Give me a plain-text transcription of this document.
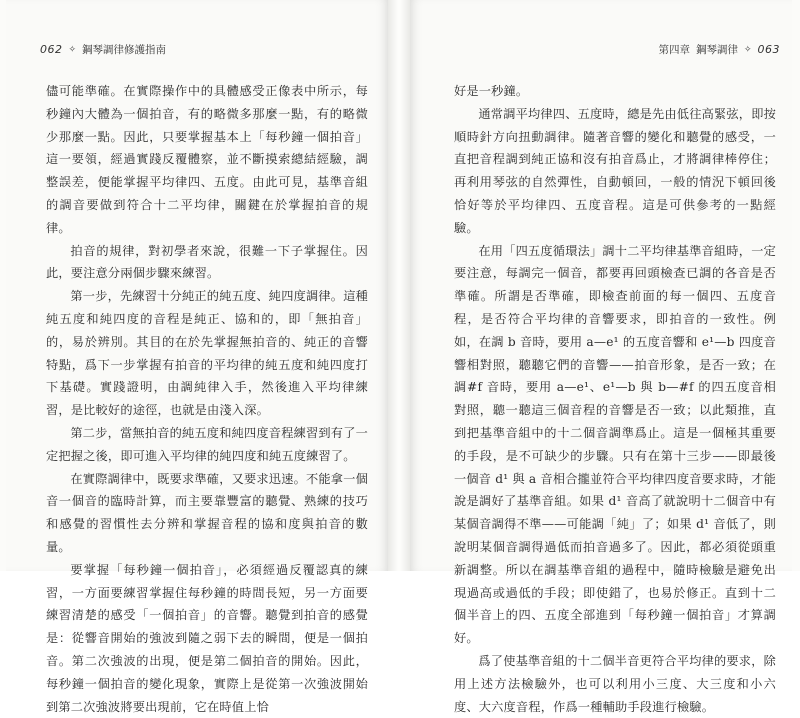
062 ✧ 鋼琴調律修護指南

儘可能準確。在實際操作中的具體感受正像表中所示，每秒鐘內大體為一個拍音，有的略微多那麼一點，有的略微少那麼一點。因此，只要掌握基本上「每秒鐘一個拍音」這一要領，經過實踐反覆體察，並不斷摸索總結經驗，調整誤差，便能掌握平均律四、五度。由此可見，基準音組的調音要做到符合十二平均律，關鍵在於掌握拍音的規律。

拍音的規律，對初學者來說，很難一下子掌握住。因此，要注意分兩個步驟來練習。

第一步，先練習十分純正的純五度、純四度調律。這種純五度和純四度的音程是純正、協和的，即「無拍音」的，易於辨別。其目的在於先掌握無拍音的、純正的音響特點，爲下一步掌握有拍音的平均律的純五度和純四度打下基礎。實踐證明，由調純律入手，然後進入平均律練習，是比較好的途徑，也就是由淺入深。

第二步，當無拍音的純五度和純四度音程練習到有了一定把握之後，即可進入平均律的純四度和純五度練習了。

在實際調律中，既要求準確，又要求迅速。不能拿一個音一個音的臨時計算，而主要靠豐富的聽覺、熟練的技巧和感覺的習慣性去分辨和掌握音程的協和度與拍音的數量。

要掌握「每秒鐘一個拍音」，必須經過反覆認真的練習，一方面要練習掌握住每秒鐘的時間長短，另一方面要練習清楚的感受「一個拍音」的音響。聽覺到拍音的感覺是：從響音開始的強波到隨之弱下去的瞬間，便是一個拍音。第二次強波的出現，便是第二個拍音的開始。因此，每秒鐘一個拍音的變化現象，實際上是從第一次強波開始到第二次強波將要出現前，它在時值上恰

第四章 鋼琴調律 ✧ 063

好是一秒鐘。

通常調平均律四、五度時，總是先由低往高緊弦，即按順時針方向扭動調律。隨著音響的變化和聽覺的感受，一直把音程調到純正協和沒有拍音爲止，才將調律棒停住；再利用琴弦的自然彈性，自動頓回，一般的情況下頓回後恰好等於平均律四、五度音程。這是可供參考的一點經驗。

在用「四五度循環法」調十二平均律基準音組時，一定要注意，每調完一個音，都要再回頭檢查已調的各音是否準確。所謂是否準確，即檢查前面的每一個四、五度音程，是否符合平均律的音響要求，即拍音的一致性。例如，在調 b 音時，要用 a—e¹ 的五度音響和 e¹—b 四度音響相對照，聽聽它們的音響——拍音形象，是否一致；在調#f 音時，要用 a—e¹、e¹—b 與 b—#f 的四五度音相對照，聽一聽這三個音程的音響是否一致；以此類推，直到把基準音組中的十二個音調準爲止。這是一個極其重要的手段，是不可缺少的步驟。只有在第十三步——即最後一個音 d¹ 與 a 音相合攏並符合平均律四度音要求時，才能說是調好了基準音組。如果 d¹ 音高了就說明十二個音中有某個音調得不準——可能調「純」了；如果 d¹ 音低了，則說明某個音調得過低而拍音過多了。因此，都必須從頭重新調整。所以在調基準音組的過程中，隨時檢驗是避免出現過高或過低的手段；即使錯了，也易於修正。直到十二個半音上的四、五度全部進到「每秒鐘一個拍音」才算調好。

爲了使基準音組的十二個半音更符合平均律的要求，除用上述方法檢驗外，也可以利用小三度、大三度和小六度、大六度音程，作爲一種輔助手段進行檢驗。
